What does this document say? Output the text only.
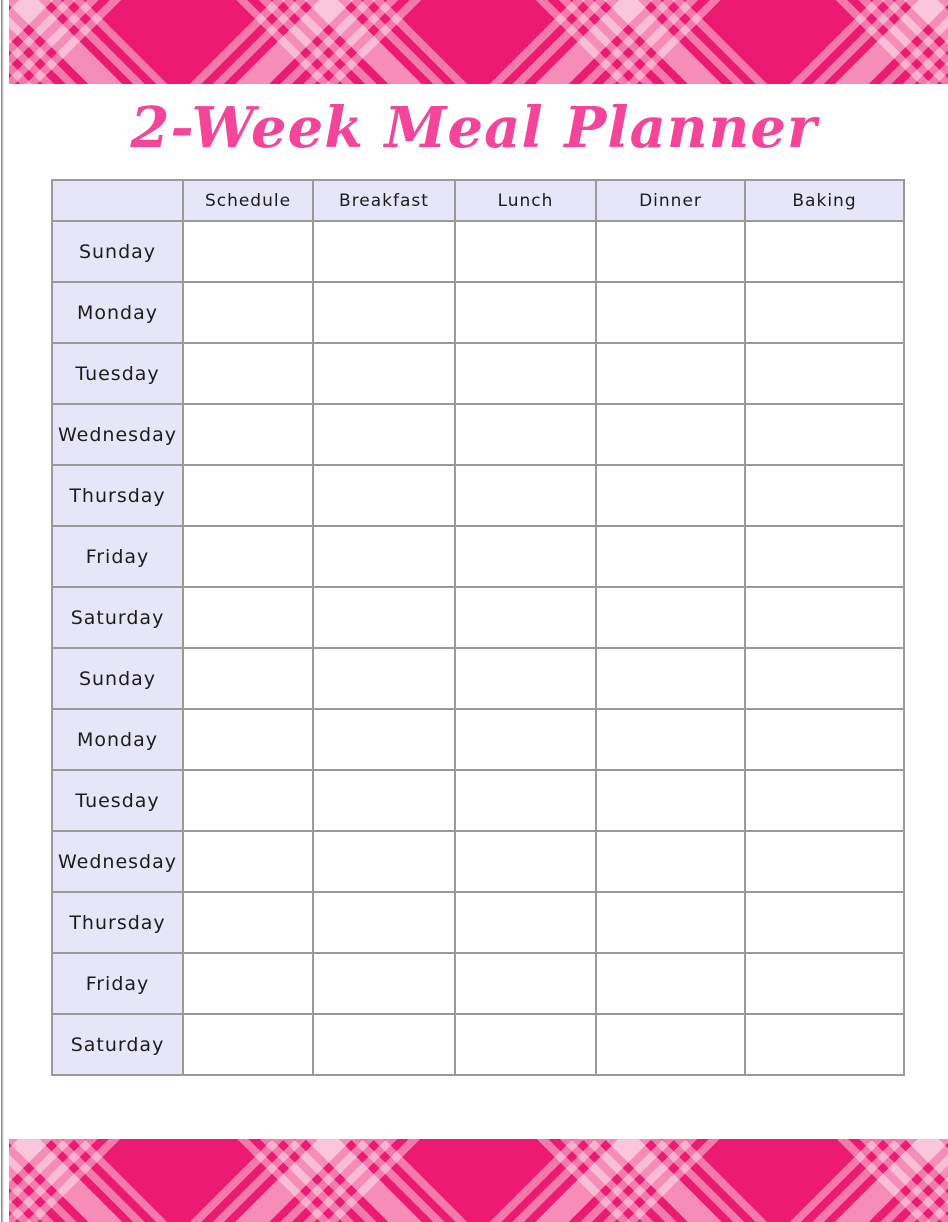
2-Week Meal Planner
	Schedule	Breakfast	Lunch	Dinner	Baking
Sunday					
Monday					
Tuesday					
Wednesday					
Thursday					
Friday					
Saturday					
Sunday					
Monday					
Tuesday					
Wednesday					
Thursday					
Friday					
Saturday					
